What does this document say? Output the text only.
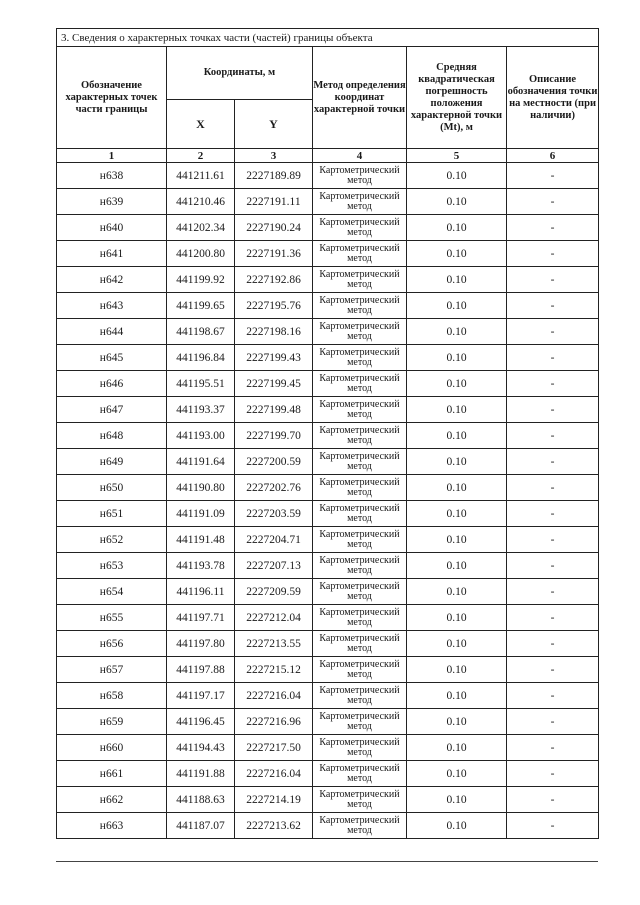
3. Сведения о характерных точках части (частей) границы объекта					
Обозначение характерных точек части границы	Координаты, м		Метод определения координат характерной точки	Средняя квадратическая погрешность положения характерной точки (Mt), м	Описание обозначения точки на местности (при наличии)
	X	Y			
1	2	3	4	5	6
н638	441211.61	2227189.89	Картометрический метод	0.10	-
н639	441210.46	2227191.11	Картометрический метод	0.10	-
н640	441202.34	2227190.24	Картометрический метод	0.10	-
н641	441200.80	2227191.36	Картометрический метод	0.10	-
н642	441199.92	2227192.86	Картометрический метод	0.10	-
н643	441199.65	2227195.76	Картометрический метод	0.10	-
н644	441198.67	2227198.16	Картометрический метод	0.10	-
н645	441196.84	2227199.43	Картометрический метод	0.10	-
н646	441195.51	2227199.45	Картометрический метод	0.10	-
н647	441193.37	2227199.48	Картометрический метод	0.10	-
н648	441193.00	2227199.70	Картометрический метод	0.10	-
н649	441191.64	2227200.59	Картометрический метод	0.10	-
н650	441190.80	2227202.76	Картометрический метод	0.10	-
н651	441191.09	2227203.59	Картометрический метод	0.10	-
н652	441191.48	2227204.71	Картометрический метод	0.10	-
н653	441193.78	2227207.13	Картометрический метод	0.10	-
н654	441196.11	2227209.59	Картометрический метод	0.10	-
н655	441197.71	2227212.04	Картометрический метод	0.10	-
н656	441197.80	2227213.55	Картометрический метод	0.10	-
н657	441197.88	2227215.12	Картометрический метод	0.10	-
н658	441197.17	2227216.04	Картометрический метод	0.10	-
н659	441196.45	2227216.96	Картометрический метод	0.10	-
н660	441194.43	2227217.50	Картометрический метод	0.10	-
н661	441191.88	2227216.04	Картометрический метод	0.10	-
н662	441188.63	2227214.19	Картометрический метод	0.10	-
н663	441187.07	2227213.62	Картометрический метод	0.10	-
